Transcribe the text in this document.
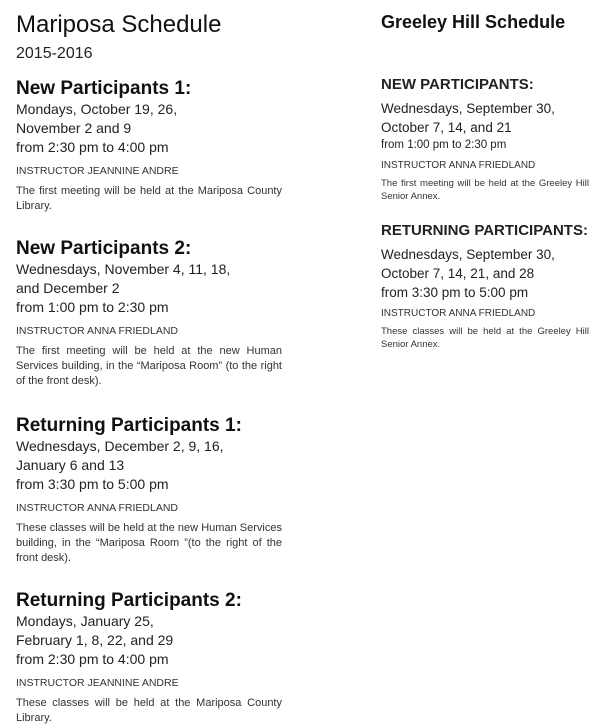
Mariposa Schedule
2015-2016
New Participants 1:

Mondays, October 19, 26,
November 2 and 9

from 2:30 pm to 4:00 pm

INSTRUCTOR JEANNINE ANDRE

The first meeting will be held at the Mariposa County Library.

New Participants 2:

Wednesdays, November 4, 11, 18,
and December 2

from 1:00 pm to 2:30 pm

INSTRUCTOR ANNA FRIEDLAND

The first meeting will be held at the new Human Services building, in the “Mariposa Room” (to the right of the front desk).

Returning Participants 1:

Wednesdays, December 2, 9, 16,
January 6 and 13

from 3:30 pm to 5:00 pm

INSTRUCTOR ANNA FRIEDLAND

These classes will be held at the new Human Services building, in the “Mariposa Room ”(to the right of the front desk).

Returning Participants 2:

Mondays, January 25,
February 1, 8, 22, and 29

from 2:30 pm to 4:00 pm

INSTRUCTOR JEANNINE ANDRE

These classes will be held at the Mariposa County Library.

Greeley Hill Schedule
NEW PARTICIPANTS:

Wednesdays, September 30,
October 7, 14, and 21

from 1:00 pm to 2:30 pm

INSTRUCTOR ANNA FRIEDLAND

The first meeting will be held at the Greeley Hill Senior Annex.

RETURNING PARTICIPANTS:

Wednesdays, September 30,
October 7, 14, 21, and 28

from 3:30 pm to 5:00 pm

INSTRUCTOR ANNA FRIEDLAND

These classes will be held at the Greeley Hill Senior Annex.
